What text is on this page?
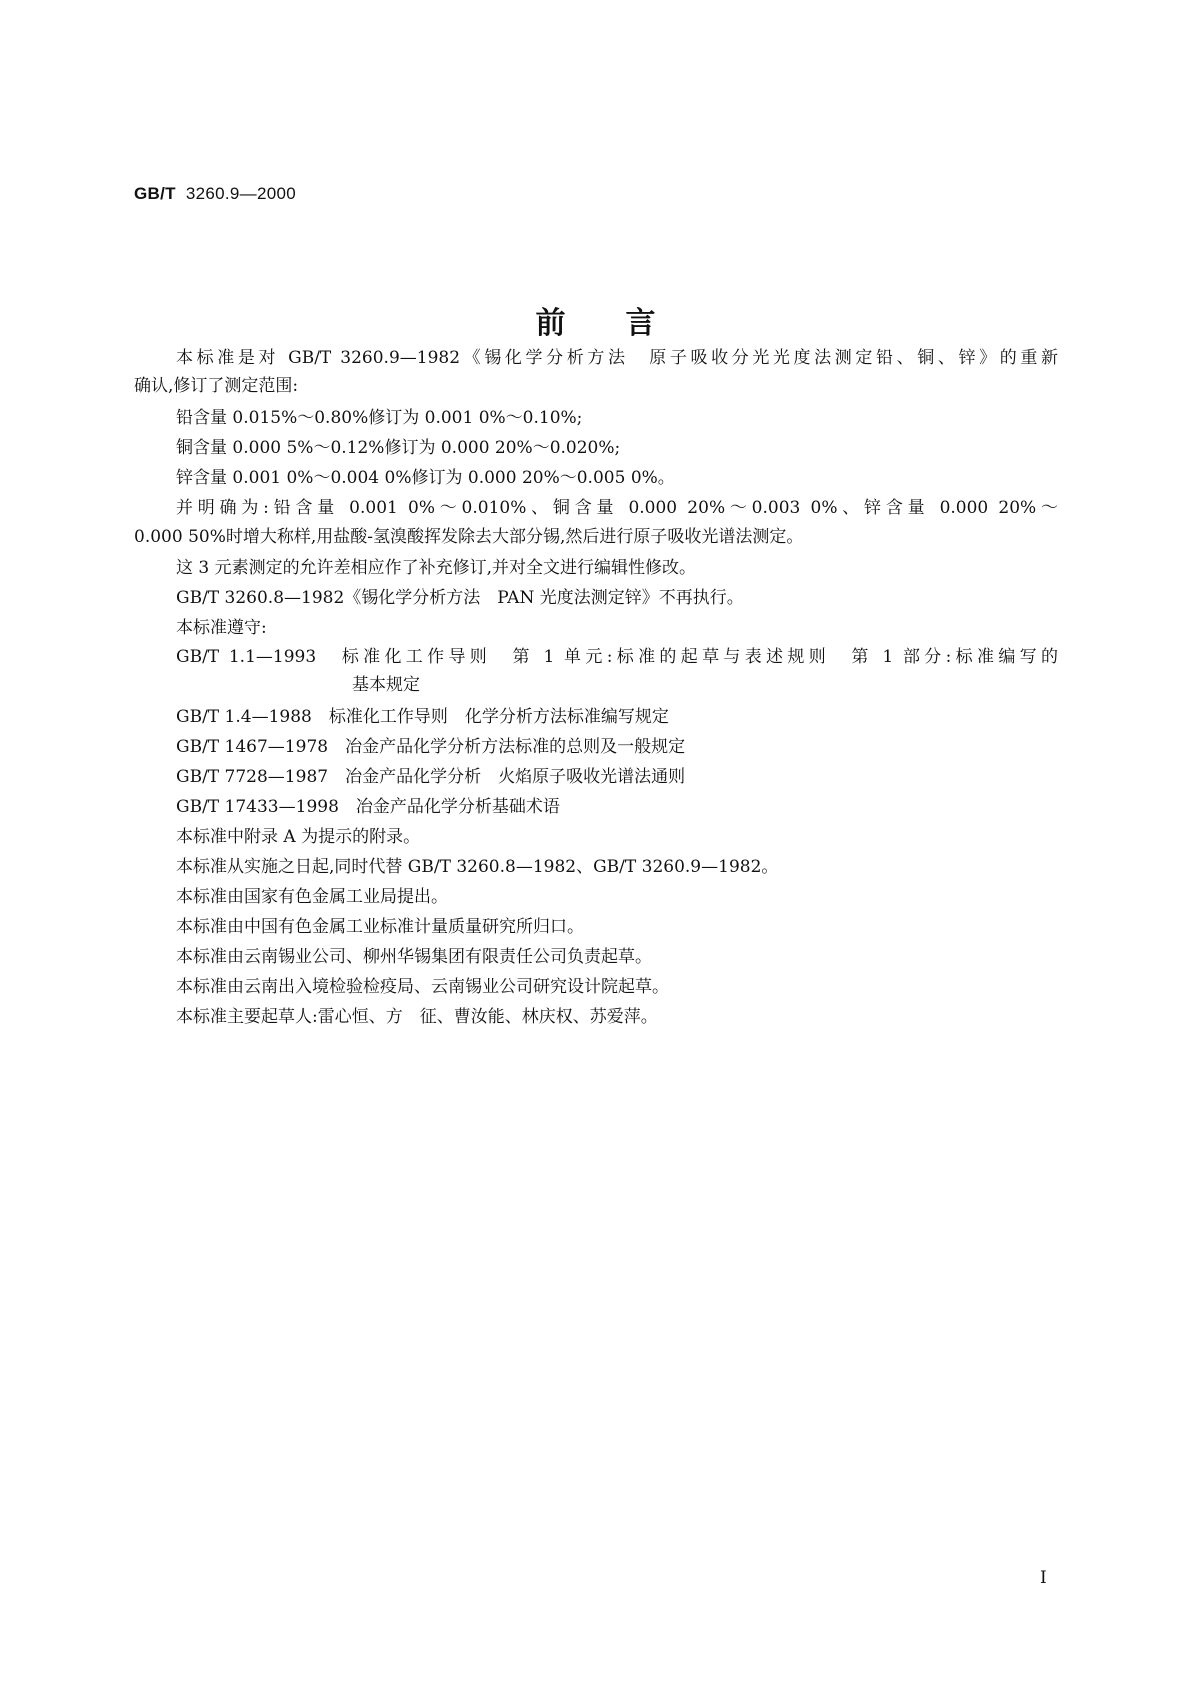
GB/T 3260.9—2000
前言
本标准是对 GB/T 3260.9—1982《锡化学分析方法　原子吸收分光光度法测定铅、铜、锌》的重新
确认,修订了测定范围:
铅含量 0.015%～0.80%修订为 0.001 0%～0.10%;
铜含量 0.000 5%～0.12%修订为 0.000 20%～0.020%;
锌含量 0.001 0%～0.004 0%修订为 0.000 20%～0.005 0%。
并明确为:铅含量 0.001 0%～0.010%、铜含量 0.000 20%～0.003 0%、锌含量 0.000 20%～
0.000 50%时增大称样,用盐酸-氢溴酸挥发除去大部分锡,然后进行原子吸收光谱法测定。
这 3 元素测定的允许差相应作了补充修订,并对全文进行编辑性修改。
GB/T 3260.8—1982《锡化学分析方法　PAN 光度法测定锌》不再执行。
本标准遵守:
GB/T 1.1—1993　标准化工作导则　第 1 单元:标准的起草与表述规则　第 1 部分:标准编写的
基本规定
GB/T 1.4—1988　标准化工作导则　化学分析方法标准编写规定
GB/T 1467—1978　冶金产品化学分析方法标准的总则及一般规定
GB/T 7728—1987　冶金产品化学分析　火焰原子吸收光谱法通则
GB/T 17433—1998　冶金产品化学分析基础术语
本标准中附录 A 为提示的附录。
本标准从实施之日起,同时代替 GB/T 3260.8—1982、GB/T 3260.9—1982。
本标准由国家有色金属工业局提出。
本标准由中国有色金属工业标准计量质量研究所归口。
本标准由云南锡业公司、柳州华锡集团有限责任公司负责起草。
本标准由云南出入境检验检疫局、云南锡业公司研究设计院起草。
本标准主要起草人:雷心恒、方　征、曹汝能、林庆权、苏爱萍。
I
